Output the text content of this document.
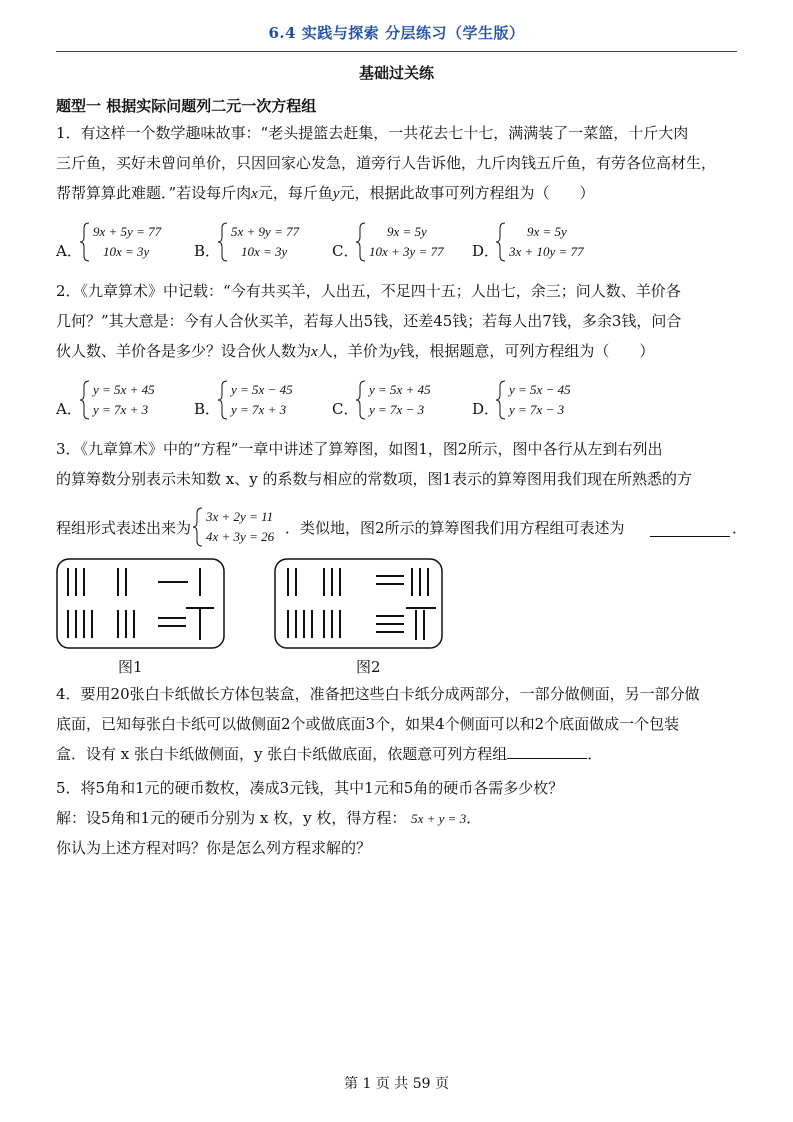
6.4 实践与探索 分层练习（学生版）
基础过关练
题型一 根据实际问题列二元一次方程组
1．有这样一个数学趣味故事：“老头提篮去赶集，一共花去七十七，满满装了一菜篮，十斤大肉
三斤鱼，买好未曾问单价，只因回家心发急，道旁行人告诉他，九斤肉钱五斤鱼，有劳各位高材生，
帮帮算算此难题．”若设每斤肉x元，每斤鱼y元，根据此故事可列方程组为（　　）
A．
9x + 5y = 77
10x = 3y	B．
5x + 9y = 77
10x = 3y	C．
9x = 5y
10x + 3y = 77 D．
9x = 5y
3x + 10y = 77
2．《九章算术》中记载：“今有共买羊，人出五，不足四十五；人出七，余三；问人数、羊价各
几何？”其大意是：今有人合伙买羊，若每人出5钱，还差45钱；若每人出7钱，多余3钱，问合
伙人数、羊价各是多少？设合伙人数为x人，羊价为y钱，根据题意，可列方程组为（　　）
A．
y = 5x + 45
y = 7x + 3	B．
y = 5x − 45
y = 7x + 3	C．
y = 5x + 45
y = 7x − 3	D．
y = 5x − 45
y = 7x − 3
3．《九章算术》中的“方程”一章中讲述了算筹图，如图1，图2所示，图中各行从左到右列出
的算筹数分别表示未知数 x、y 的系数与相应的常数项，图1表示的算筹图用我们现在所熟悉的方
程组形式表述出来为
3x + 2y = 11
4x + 3y = 26 ．类似地，图2所示的算筹图我们用方程组可表述为	．
图1	图2
4．要用20张白卡纸做长方体包装盒，准备把这些白卡纸分成两部分，一部分做侧面，另一部分做
底面，已知每张白卡纸可以做侧面2个或做底面3个，如果4个侧面可以和2个底面做成一个包装
盒．设有 x 张白卡纸做侧面，y 张白卡纸做底面，依题意可列方程组	．
5．将5角和1元的硬币数枚，凑成3元钱，其中1元和5角的硬币各需多少枚？
解：设5角和1元的硬币分别为 x 枚，y 枚，得方程： 5x + y = 3．
你认为上述方程对吗？你是怎么列方程求解的？
第 1 页 共 59 页
